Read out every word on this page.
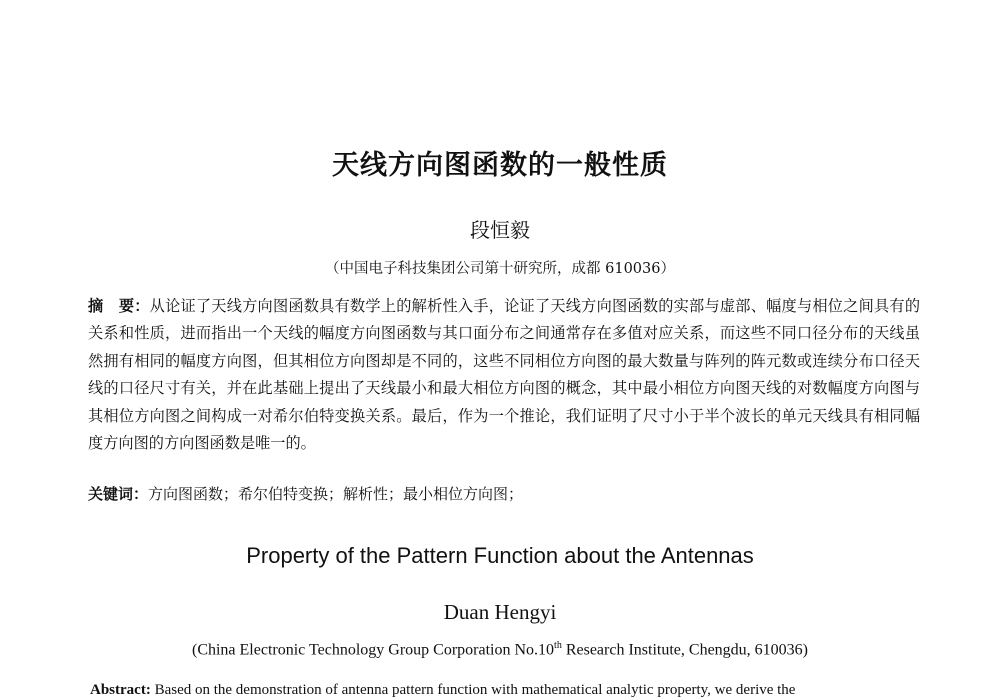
天线方向图函数的一般性质
段恒毅
（中国电子科技集团公司第十研究所，成都 610036）
摘　要：从论证了天线方向图函数具有数学上的解析性入手，论证了天线方向图函数的实部与虚部、幅度与相位之间具有的关系和性质，进而指出一个天线的幅度方向图函数与其口面分布之间通常存在多值对应关系，而这些不同口径分布的天线虽然拥有相同的幅度方向图，但其相位方向图却是不同的，这些不同相位方向图的最大数量与阵列的阵元数或连续分布口径天线的口径尺寸有关，并在此基础上提出了天线最小和最大相位方向图的概念，其中最小相位方向图天线的对数幅度方向图与其相位方向图之间构成一对希尔伯特变换关系。最后，作为一个推论，我们证明了尺寸小于半个波长的单元天线具有相同幅度方向图的方向图函数是唯一的。
关键词：方向图函数；希尔伯特变换；解析性；最小相位方向图；
Property of the Pattern Function about the Antennas
Duan Hengyi
(China Electronic Technology Group Corporation No.10th Research Institute, Chengdu, 610036)
Abstract: Based on the demonstration of antenna pattern function with mathematical analytic property, we derive the
